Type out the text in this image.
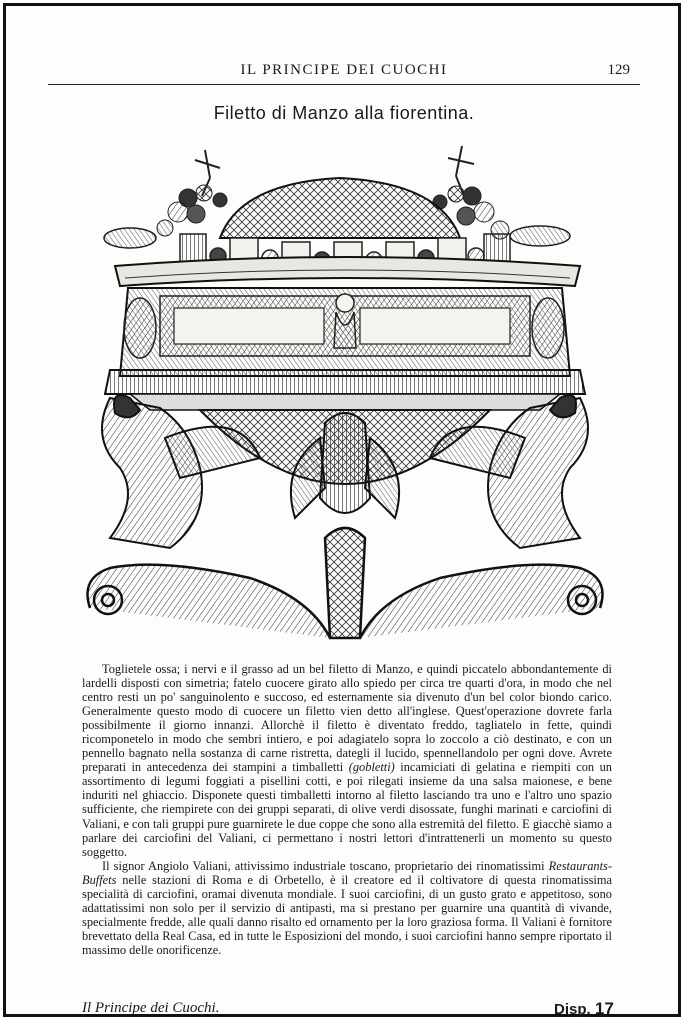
IL PRINCIPE DEI CUOCHI	129
Filetto di Manzo alla fiorentina.

Toglietele ossa; i nervi e il grasso ad un bel filetto di Manzo, e quindi piccatelo abbondantemente di lardelli disposti con simetria; fatelo cuocere girato allo spiedo per circa tre quarti d'ora, in modo che nel centro resti un po' sanguinolento e succoso, ed esternamente sia divenuto d'un bel color biondo carico. Generalmente questo modo di cuocere un filetto vien detto all'inglese. Quest'operazione dovrete farla possibilmente il giorno innanzi. Allorchè il filetto è diventato freddo, tagliatelo in fette, quindi ricomponetelo in modo che sembri intiero, e poi adagiatelo sopra lo zoccolo a ciò destinato, e con un pennello bagnato nella sostanza di carne ristretta, dategli il lucido, spennellandolo per ogni dove. Avrete preparati in antecedenza dei stampini a timballetti (gobletti) incamiciati di gelatina e riempiti con un assortimento di legumi foggiati a pisellini cotti, e poi rilegati insieme da una salsa maionese, e bene induriti nel ghiaccio. Disponete questi timballetti intorno al filetto lasciando tra uno e l'altro uno spazio sufficiente, che riempirete con dei gruppi separati, di olive verdi disossate, funghi marinati e carciofini di Valiani, e con tali gruppi pure guarnirete le due coppe che sono alla estremità del filetto. E giacchè siamo a parlare dei carciofini del Valiani, ci permettano i nostri lettori d'intrattenerli un momento su questo soggetto.

Il signor Angiolo Valiani, attivissimo industriale toscano, proprietario dei rinomatissimi Restaurants-Buffets nelle stazioni di Roma e di Orbetello, è il creatore ed il coltivatore di questa rinomatissima specialità di carciofini, oramai divenuta mondiale. I suoi carciofini, di un gusto grato e appetitoso, sono adattatissimi non solo per il servizio di antipasti, ma si prestano per guarnire una quantità di vivande, specialmente fredde, alle quali danno risalto ed ornamento per la loro graziosa forma. Il Valiani è fornitore brevettato della Real Casa, ed in tutte le Esposizioni del mondo, i suoi carciofini hanno sempre riportato il massimo delle onorificenze.

Il Principe dei Cuochi.	Disp. 17
